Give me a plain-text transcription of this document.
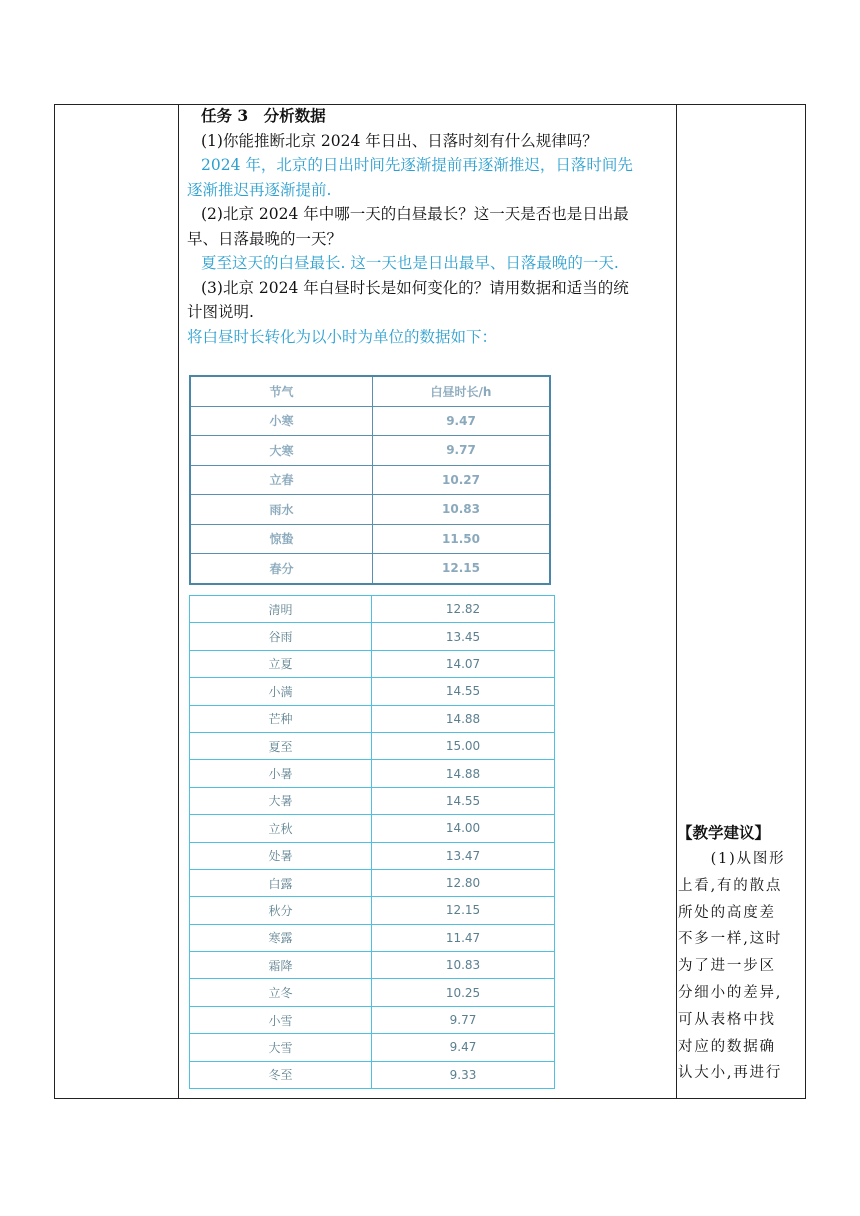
任务 3　分析数据
(1)你能推断北京 2024 年日出、日落时刻有什么规律吗？
2024 年，北京的日出时间先逐渐提前再逐渐推迟，日落时间先
逐渐推迟再逐渐提前.
(2)北京 2024 年中哪一天的白昼最长？这一天是否也是日出最
早、日落最晚的一天？
夏至这天的白昼最长. 这一天也是日出最早、日落最晚的一天.
(3)北京 2024 年白昼时长是如何变化的？请用数据和适当的统
计图说明.
将白昼时长转化为以小时为单位的数据如下：
节气	白昼时长/h
小寒	9.47
大寒	9.77
立春	10.27
雨水	10.83
惊蛰	11.50
春分	12.15
清明	12.82
谷雨	13.45
立夏	14.07
小满	14.55
芒种	14.88
夏至	15.00
小暑	14.88
大暑	14.55
立秋	14.00
处暑	13.47
白露	12.80
秋分	12.15
寒露	11.47
霜降	10.83
立冬	10.25
小雪	9.77
大雪	9.47
冬至	9.33
【教学建议】
　　(1)从图形
上看,有的散点
所处的高度差
不多一样,这时
为了进一步区
分细小的差异,
可从表格中找
对应的数据确
认大小,再进行
